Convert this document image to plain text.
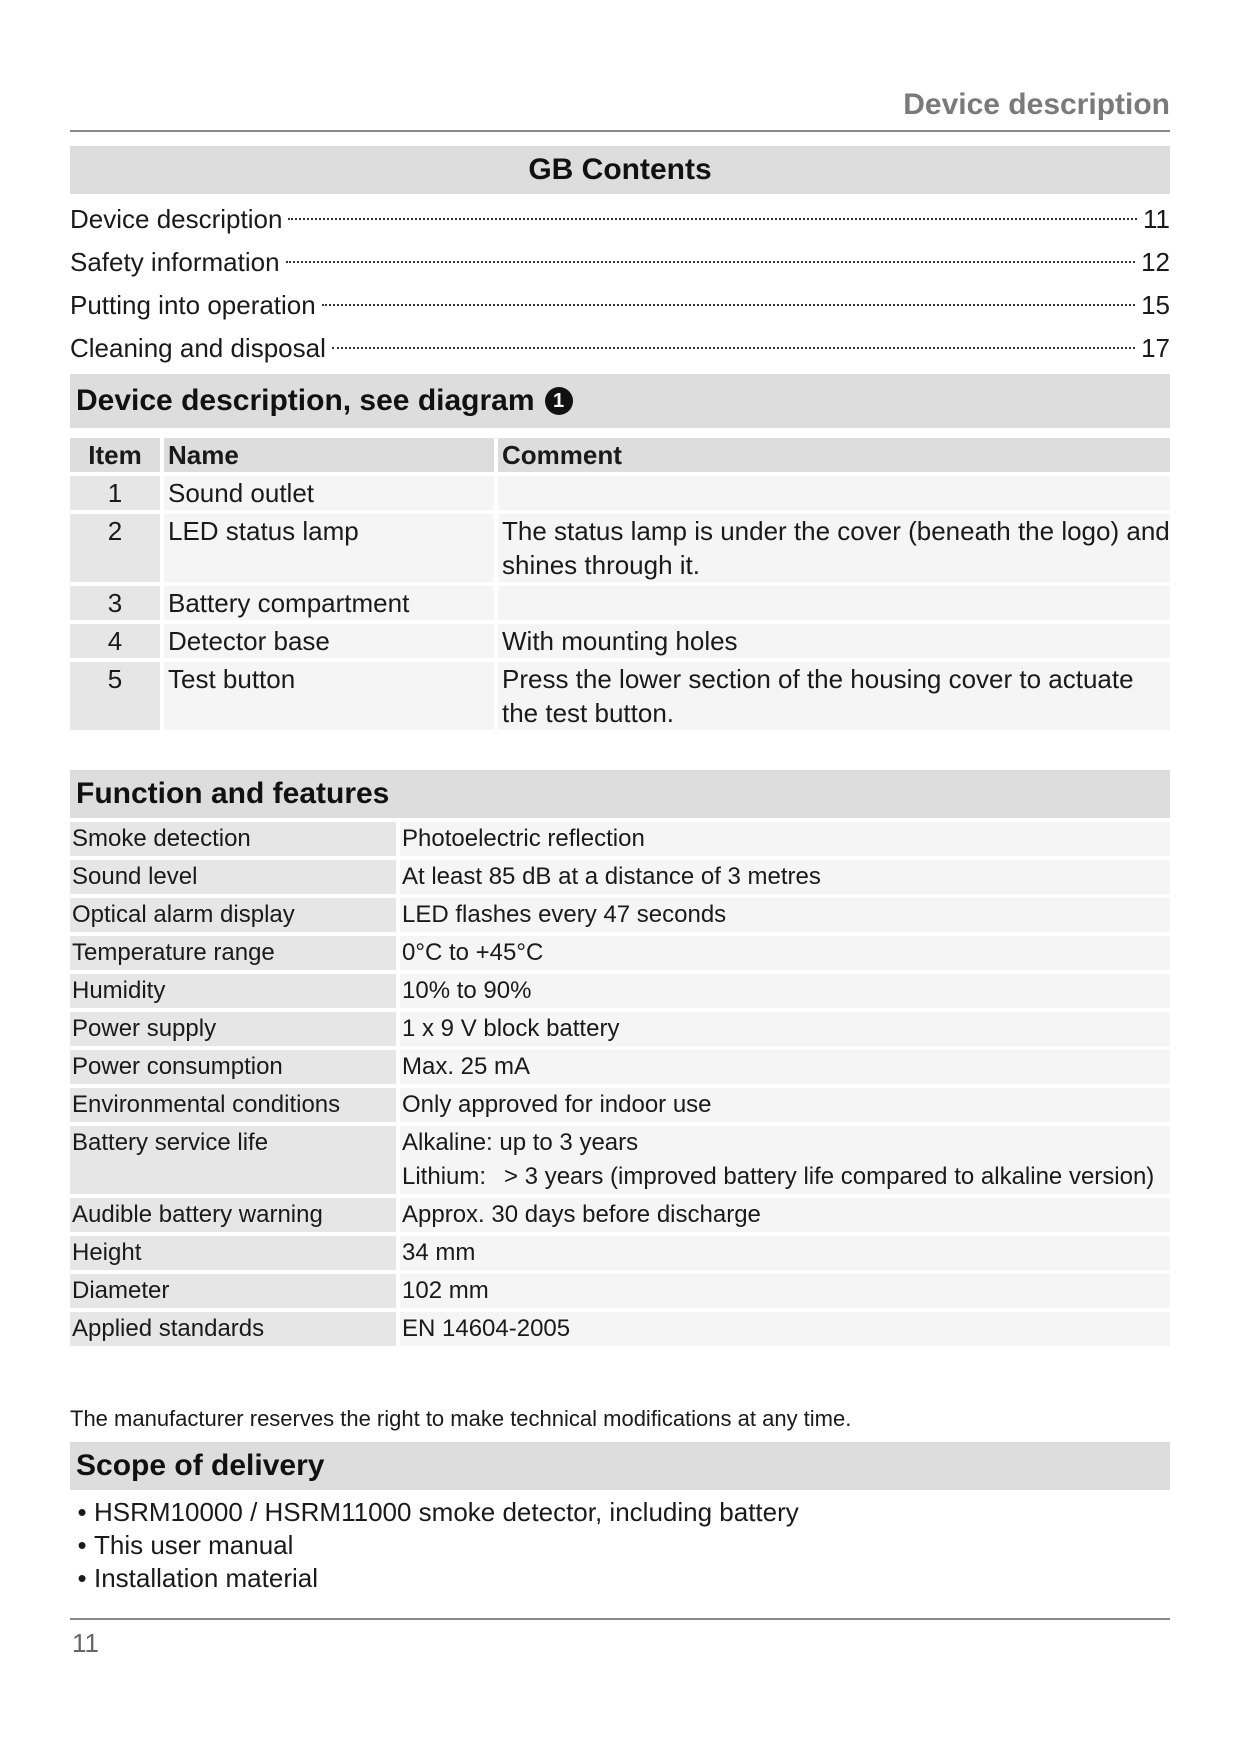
Device description
GB Contents
Device description	11
Safety information	12
Putting into operation	15
Cleaning and disposal	17
Device description, see diagram 1
Item	Name	Comment
1	Sound outlet
2	LED status lamp	The status lamp is under the cover (beneath the logo) and shines through it.
3	Battery compartment
4	Detector base	With mounting holes
5	Test button	Press the lower section of the housing cover to actuate the test button.
Function and features
Smoke detection	Photoelectric reflection
Sound level	At least 85 dB at a distance of 3 metres
Optical alarm display	LED flashes every 47 seconds
Temperature range	0°C to +45°C
Humidity	10% to 90%
Power supply	1 x 9 V block battery
Power consumption	Max. 25 mA
Environmental conditions	Only approved for indoor use
Battery service life	Alkaline: up to 3 years
Lithium: > 3 years (improved battery life compared to alkaline version)
Audible battery warning	Approx. 30 days before discharge
Height	34 mm
Diameter	102 mm
Applied standards	EN 14604-2005
The manufacturer reserves the right to make technical modifications at any time.
Scope of delivery
• HSRM10000 / HSRM11000 smoke detector, including battery
• This user manual
• Installation material
11
